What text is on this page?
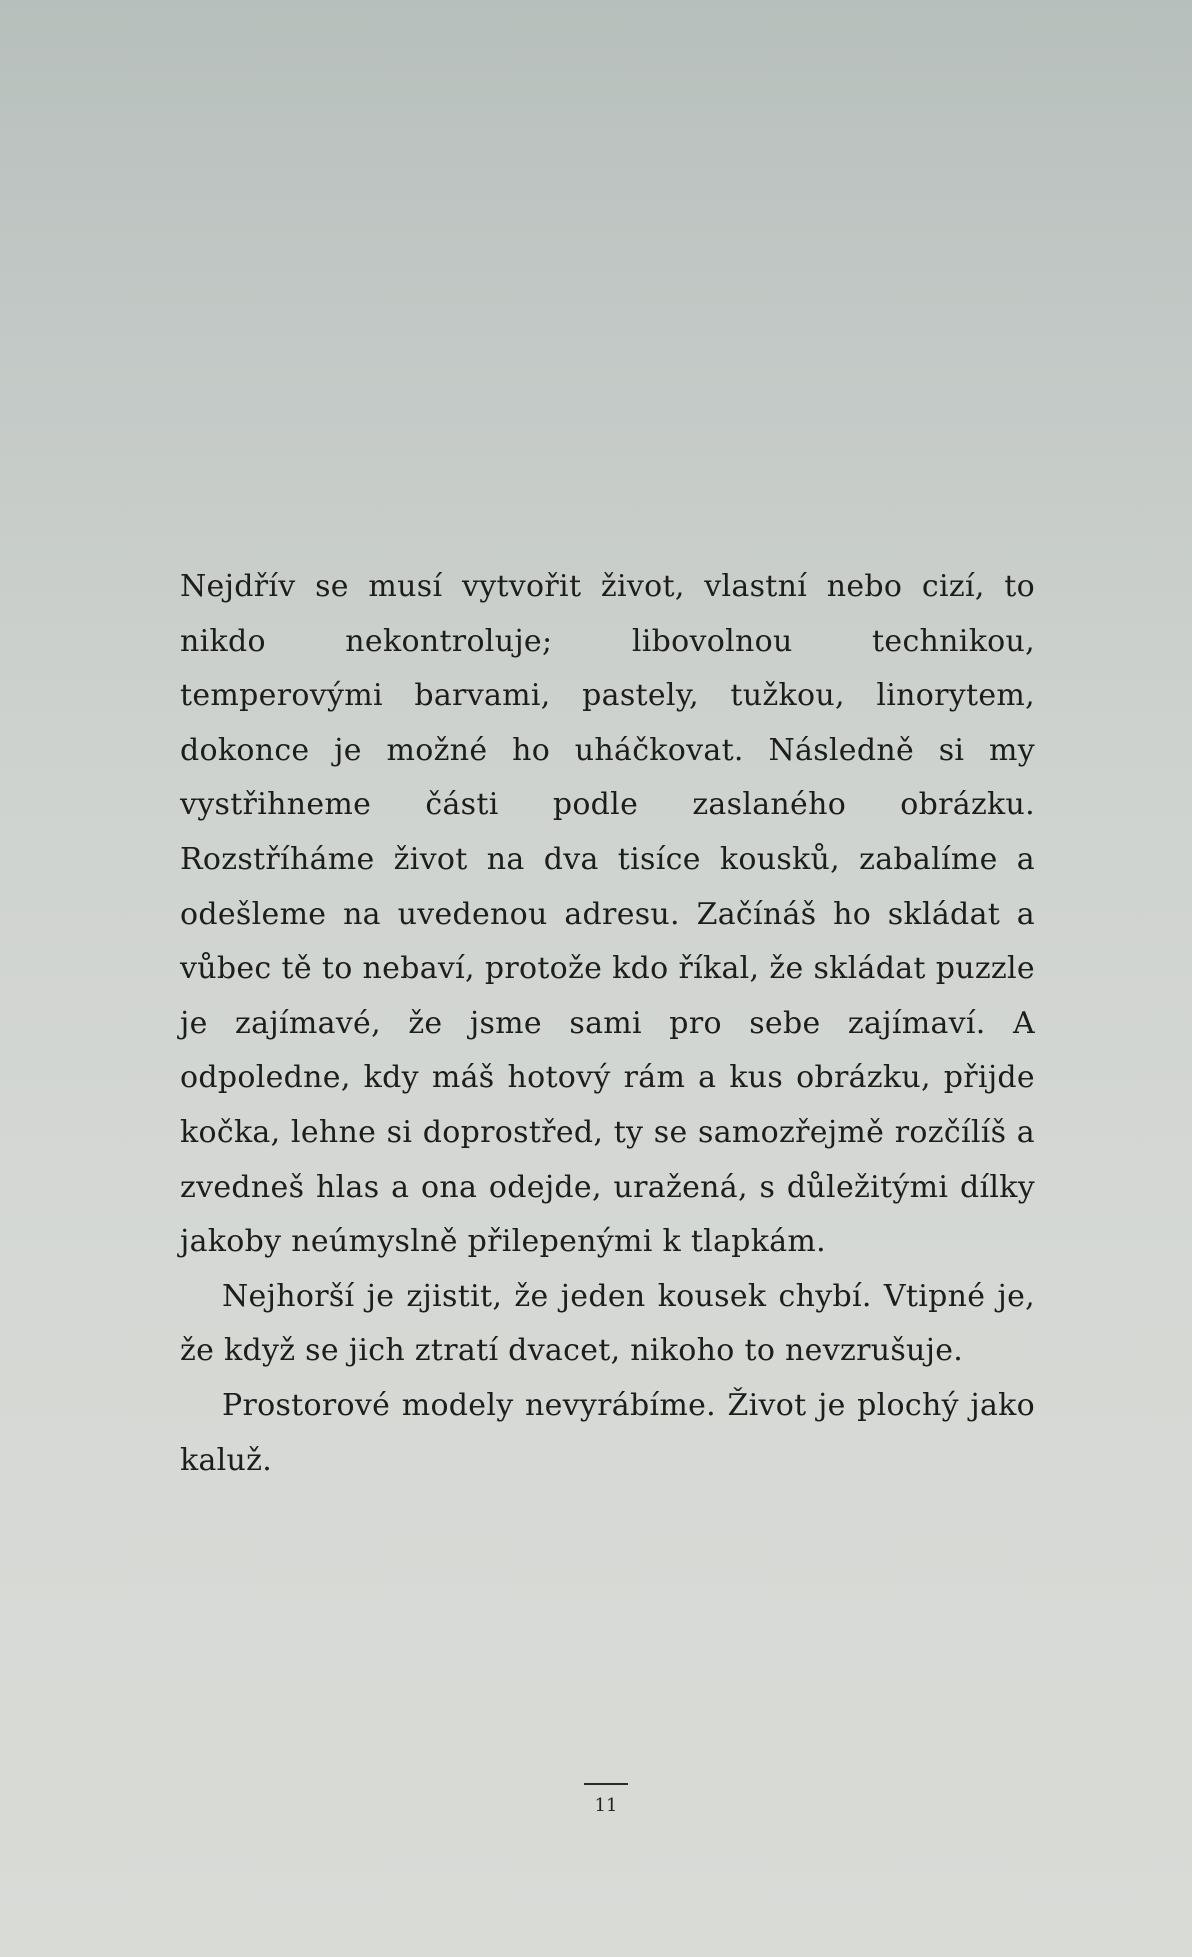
Nejdřív se musí vytvořit život, vlastní nebo cizí, to nikdo nekontroluje; libovolnou technikou, temperovými barvami, pastely, tužkou, linorytem, dokonce je možné ho uháčkovat. Následně si my vystřihneme části podle zaslaného obrázku. Rozstříháme život na dva tisíce kousků, zabalíme a odešleme na uvedenou adresu. Začínáš ho skládat a vůbec tě to nebaví, protože kdo říkal, že skládat puzzle je zajímavé, že jsme sami pro sebe zajímaví. A odpoledne, kdy máš hotový rám a kus obrázku, přijde kočka, lehne si doprostřed, ty se samozřejmě rozčílíš a zvedneš hlas a ona odejde, uražená, s důležitými dílky jakoby neúmyslně přilepenými k tlapkám.

Nejhorší je zjistit, že jeden kousek chybí. Vtipné je, že když se jich ztratí dvacet, nikoho to nevzrušuje.

Prostorové modely nevyrábíme. Život je plochý jako kaluž.

11
